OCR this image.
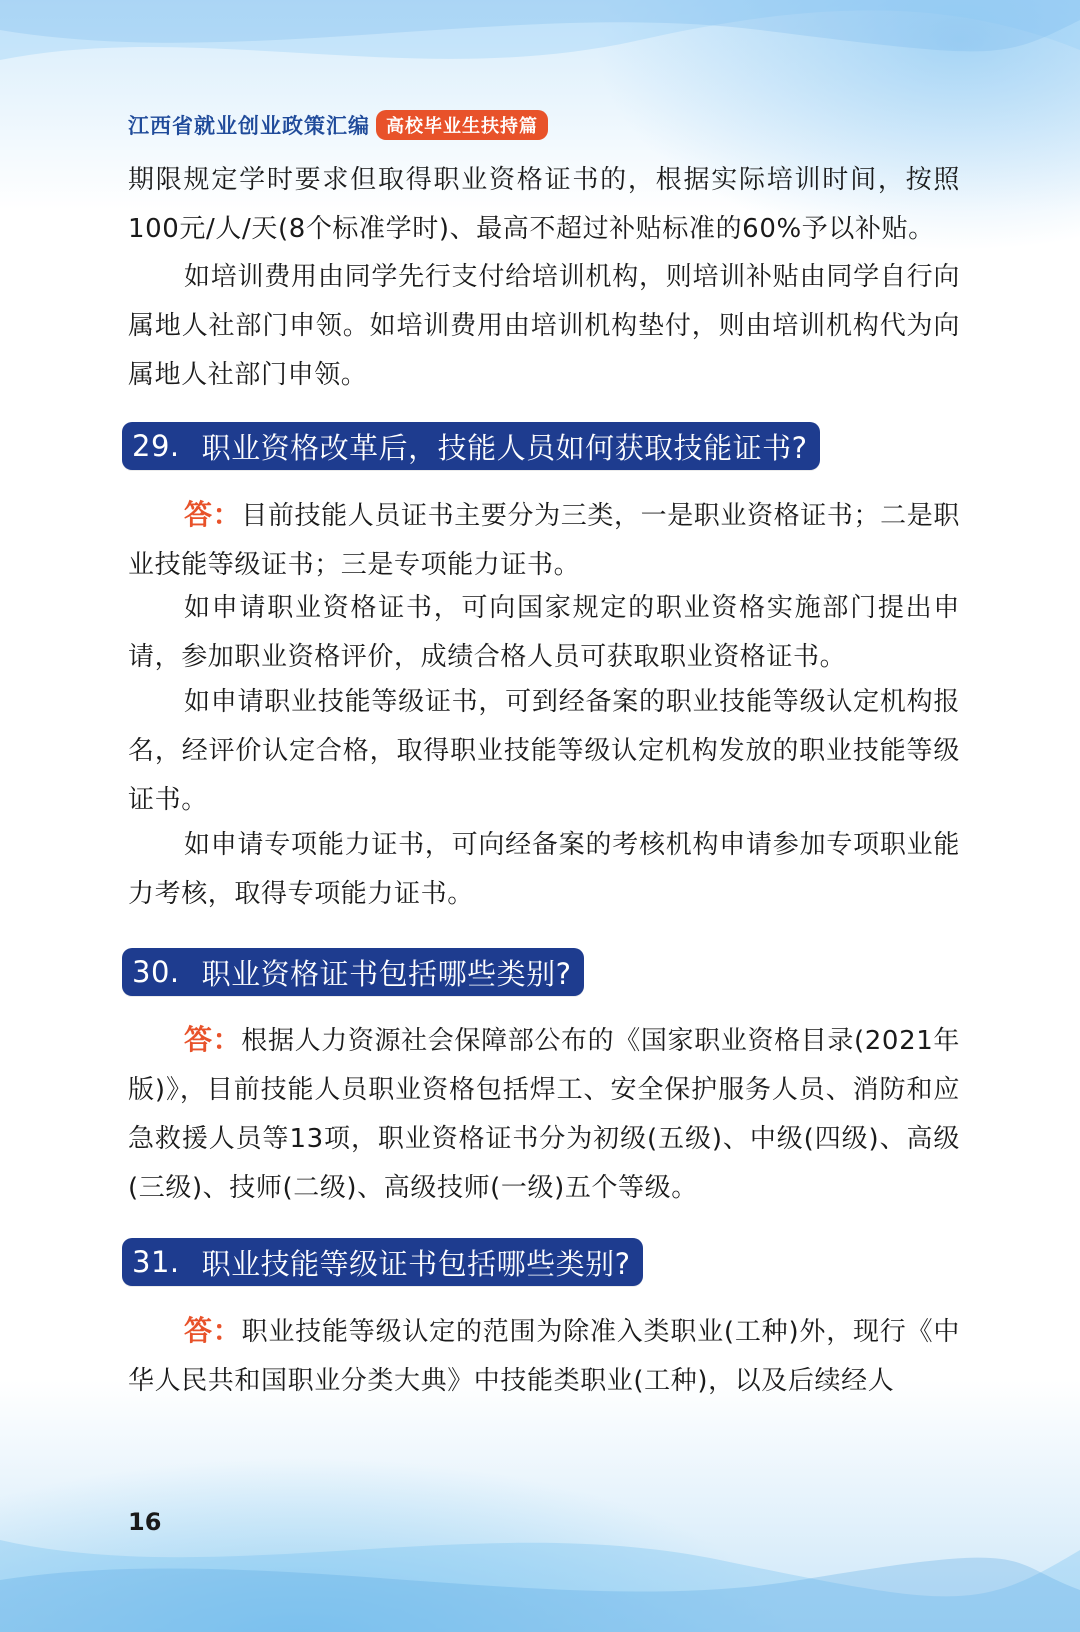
江西省就业创业政策汇编 高校毕业生扶持篇

期限规定学时要求但取得职业资格证书的，根据实际培训时间，按照100元/人/天(8个标准学时)、最高不超过补贴标准的60%予以补贴。

如培训费用由同学先行支付给培训机构，则培训补贴由同学自行向属地人社部门申领。如培训费用由培训机构垫付，则由培训机构代为向属地人社部门申领。

29. 职业资格改革后，技能人员如何获取技能证书?

答：目前技能人员证书主要分为三类，一是职业资格证书；二是职业技能等级证书；三是专项能力证书。

如申请职业资格证书，可向国家规定的职业资格实施部门提出申请，参加职业资格评价，成绩合格人员可获取职业资格证书。

如申请职业技能等级证书，可到经备案的职业技能等级认定机构报名，经评价认定合格，取得职业技能等级认定机构发放的职业技能等级证书。

如申请专项能力证书，可向经备案的考核机构申请参加专项职业能力考核，取得专项能力证书。

30. 职业资格证书包括哪些类别?

答：根据人力资源社会保障部公布的《国家职业资格目录(2021年版)》，目前技能人员职业资格包括焊工、安全保护服务人员、消防和应急救援人员等13项，职业资格证书分为初级(五级)、中级(四级)、高级(三级)、技师(二级)、高级技师(一级)五个等级。

31. 职业技能等级证书包括哪些类别?

答：职业技能等级认定的范围为除准入类职业(工种)外，现行《中华人民共和国职业分类大典》中技能类职业(工种)，以及后续经人

16
